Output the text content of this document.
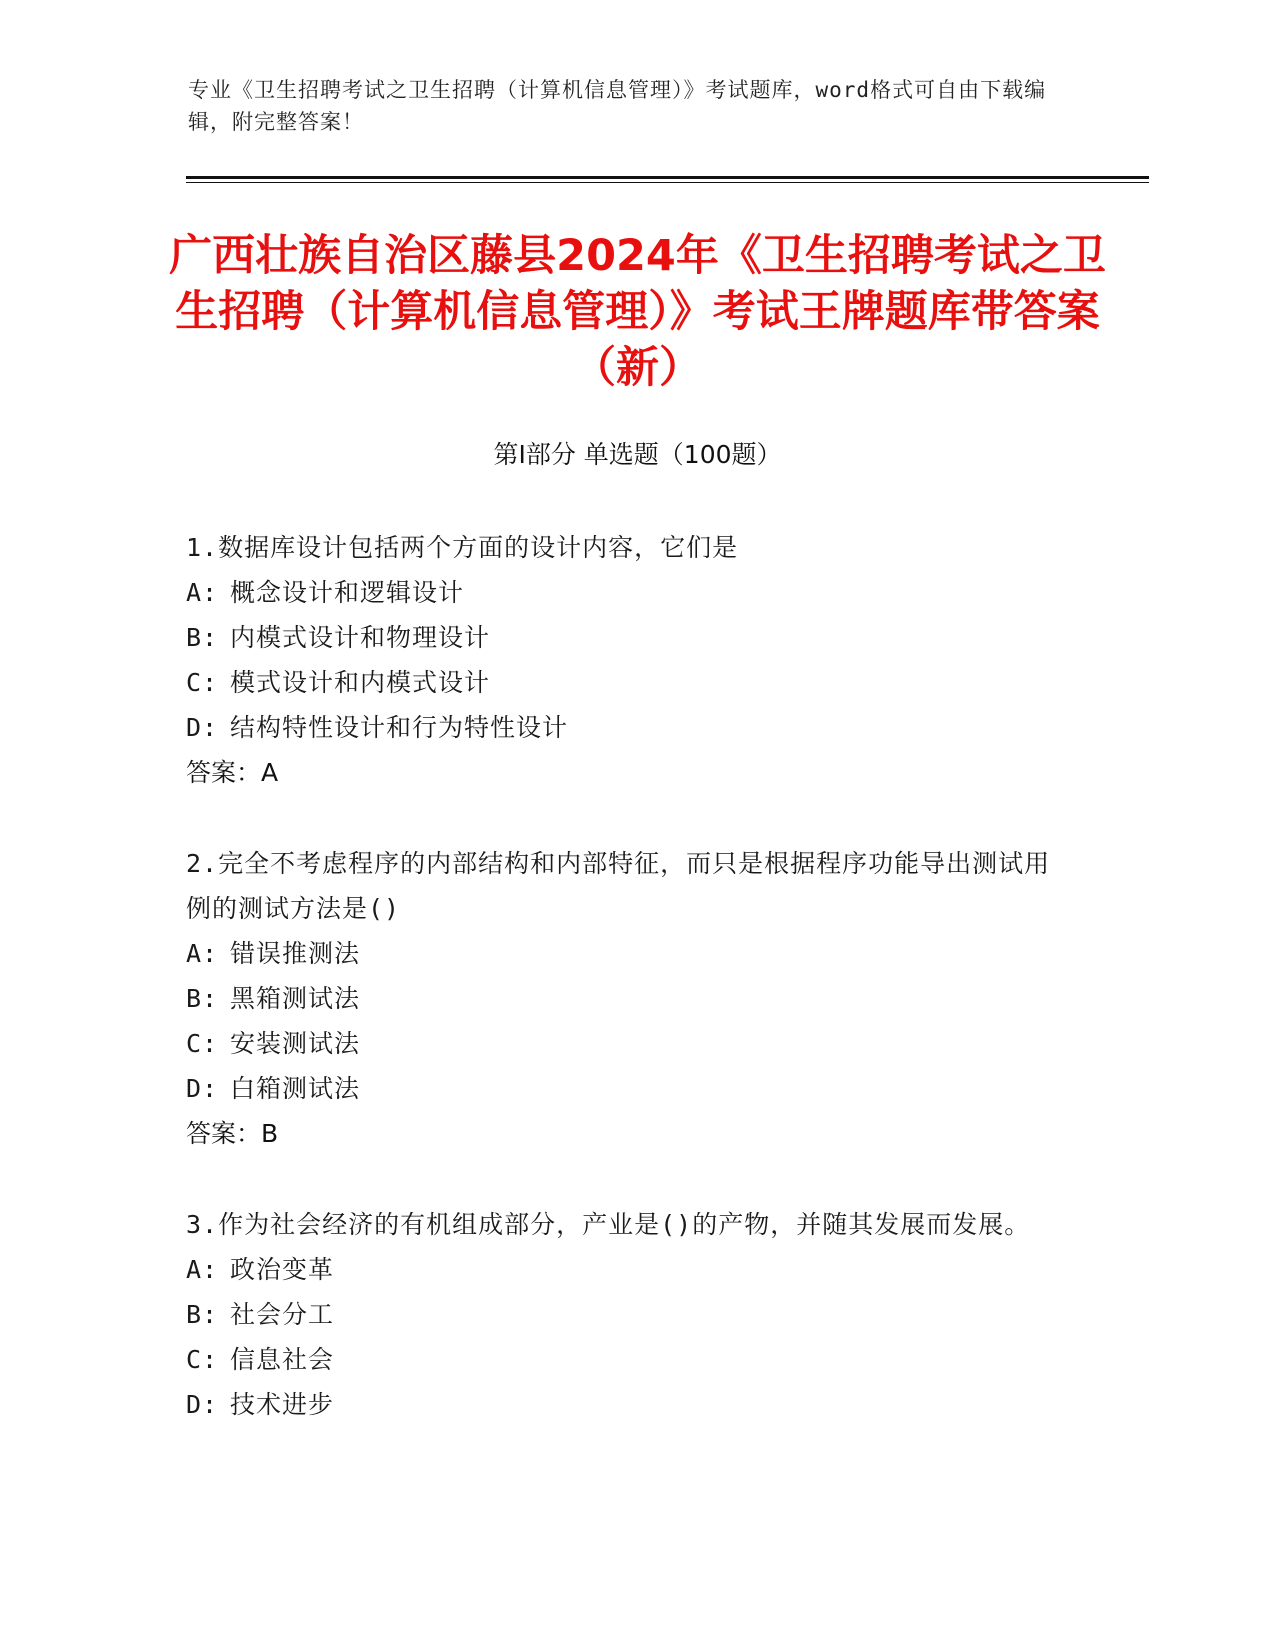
专业《卫生招聘考试之卫生招聘（计算机信息管理）》考试题库，word格式可自由下载编辑，附完整答案！
广西壮族自治区藤县2024年《卫生招聘考试之卫生招聘（计算机信息管理）》考试王牌题库带答案（新）
第I部分 单选题（100题）
1.数据库设计包括两个方面的设计内容，它们是
A: 概念设计和逻辑设计
B: 内模式设计和物理设计
C: 模式设计和内模式设计
D: 结构特性设计和行为特性设计
答案：A
2.完全不考虑程序的内部结构和内部特征，而只是根据程序功能导出测试用例的测试方法是()
A: 错误推测法
B: 黑箱测试法
C: 安装测试法
D: 白箱测试法
答案：B
3.作为社会经济的有机组成部分，产业是()的产物，并随其发展而发展。
A: 政治变革
B: 社会分工
C: 信息社会
D: 技术进步
